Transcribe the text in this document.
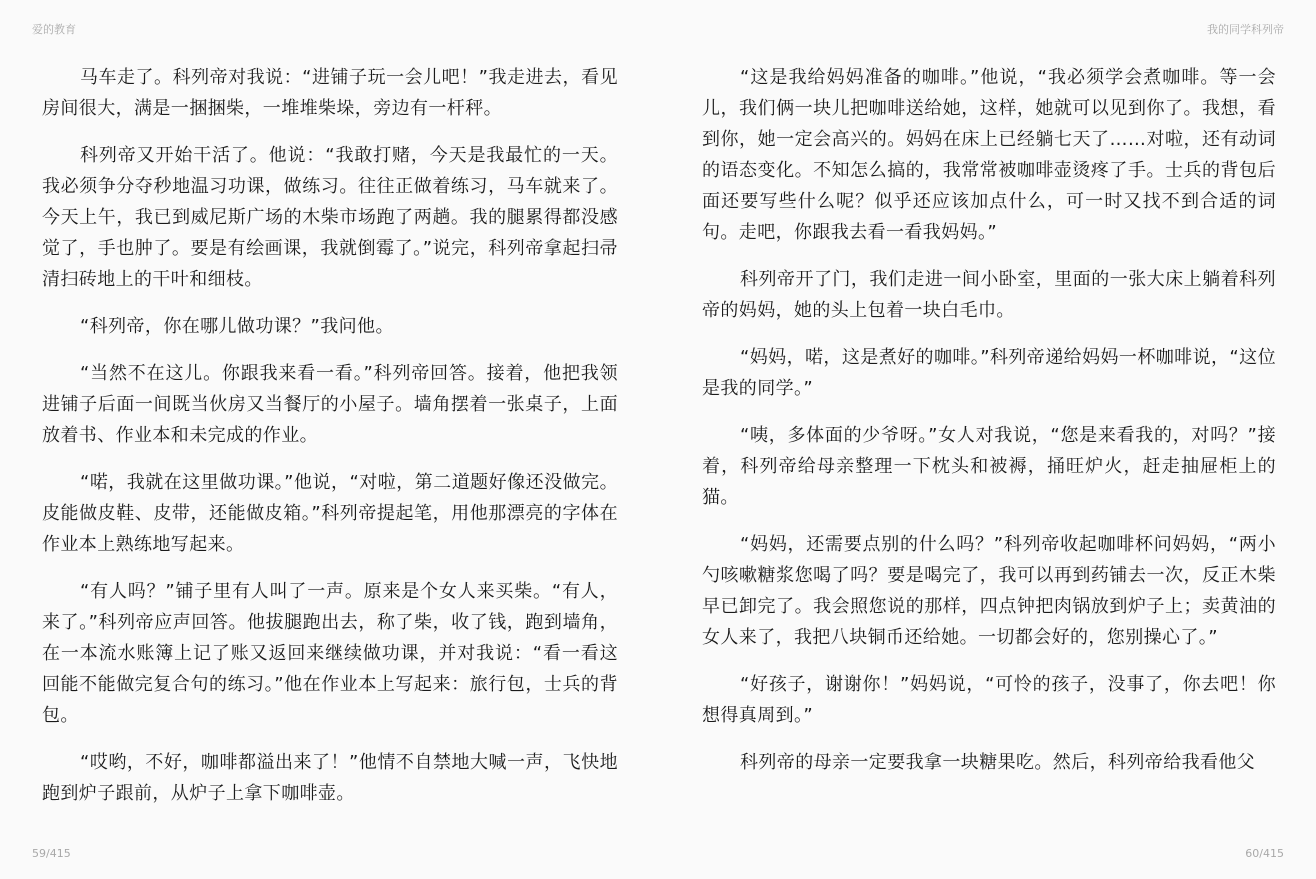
爱的教育	我的同学科列帝

马车走了。科列帝对我说：“进铺子玩一会儿吧！”我走进去，看见房间很大，满是一捆捆柴，一堆堆柴垛，旁边有一杆秤。

科列帝又开始干活了。他说：“我敢打赌，今天是我最忙的一天。我必须争分夺秒地温习功课，做练习。往往正做着练习，马车就来了。今天上午，我已到威尼斯广场的木柴市场跑了两趟。我的腿累得都没感觉了，手也肿了。要是有绘画课，我就倒霉了。”说完，科列帝拿起扫帚清扫砖地上的干叶和细枝。

“科列帝，你在哪儿做功课？”我问他。

“当然不在这儿。你跟我来看一看。”科列帝回答。接着，他把我领进铺子后面一间既当伙房又当餐厅的小屋子。墙角摆着一张桌子，上面放着书、作业本和未完成的作业。

“喏，我就在这里做功课。”他说，“对啦，第二道题好像还没做完。皮能做皮鞋、皮带，还能做皮箱。”科列帝提起笔，用他那漂亮的字体在作业本上熟练地写起来。

“有人吗？”铺子里有人叫了一声。原来是个女人来买柴。“有人，来了。”科列帝应声回答。他拔腿跑出去，称了柴，收了钱，跑到墙角，在一本流水账簿上记了账又返回来继续做功课，并对我说：“看一看这回能不能做完复合句的练习。”他在作业本上写起来：旅行包，士兵的背包。

“哎哟，不好，咖啡都溢出来了！”他情不自禁地大喊一声，飞快地跑到炉子跟前，从炉子上拿下咖啡壶。

“这是我给妈妈准备的咖啡。”他说，“我必须学会煮咖啡。等一会儿，我们俩一块儿把咖啡送给她，这样，她就可以见到你了。我想，看到你，她一定会高兴的。妈妈在床上已经躺七天了……对啦，还有动词的语态变化。不知怎么搞的，我常常被咖啡壶烫疼了手。士兵的背包后面还要写些什么呢？似乎还应该加点什么，可一时又找不到合适的词句。走吧，你跟我去看一看我妈妈。”

科列帝开了门，我们走进一间小卧室，里面的一张大床上躺着科列帝的妈妈，她的头上包着一块白毛巾。

“妈妈，喏，这是煮好的咖啡。”科列帝递给妈妈一杯咖啡说，“这位是我的同学。”

“咦，多体面的少爷呀。”女人对我说，“您是来看我的，对吗？”接着，科列帝给母亲整理一下枕头和被褥，捅旺炉火，赶走抽屉柜上的猫。

“妈妈，还需要点别的什么吗？”科列帝收起咖啡杯问妈妈，“两小勺咳嗽糖浆您喝了吗？要是喝完了，我可以再到药铺去一次，反正木柴早已卸完了。我会照您说的那样，四点钟把肉锅放到炉子上；卖黄油的女人来了，我把八块铜币还给她。一切都会好的，您别操心了。”

“好孩子，谢谢你！”妈妈说，“可怜的孩子，没事了，你去吧！你想得真周到。”

科列帝的母亲一定要我拿一块糖果吃。然后，科列帝给我看他父

59/415	60/415
